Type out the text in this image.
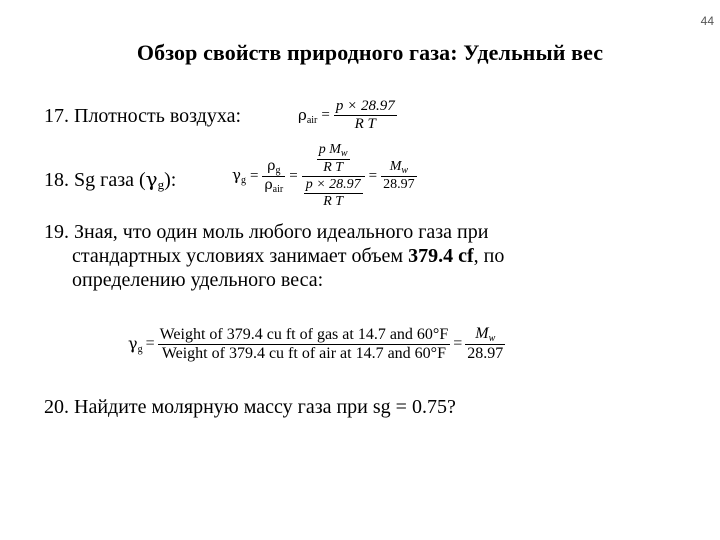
44
Обзор свойств природного газа: Удельный вес
17. Плотность воздуха:	$\rho_{air} = \frac{p \times 28.97}{\text{R T}}$
18. Sg газа $(\gamma_g)$:	$\gamma_g = \frac{\rho_g}{\rho_{air}} = \frac{\frac{p M_w}{\text{R T}}}{\frac{p \times 28.97}{\text{R T}}} = \frac{M_w}{28.97}$
19. Зная, что один моль любого идеального газа при
стандартных условиях занимает объем 379.4 cf, по
определению удельного веса:
$\gamma_g = \frac{\text{Weight of 379.4 cu ft of gas at 14.7 and 60°F}}{\text{Weight of 379.4 cu ft of air at 14.7 and 60°F}} = \frac{M_w}{28.97}$
20. Найдите молярную массу газа при sg = 0.75?
